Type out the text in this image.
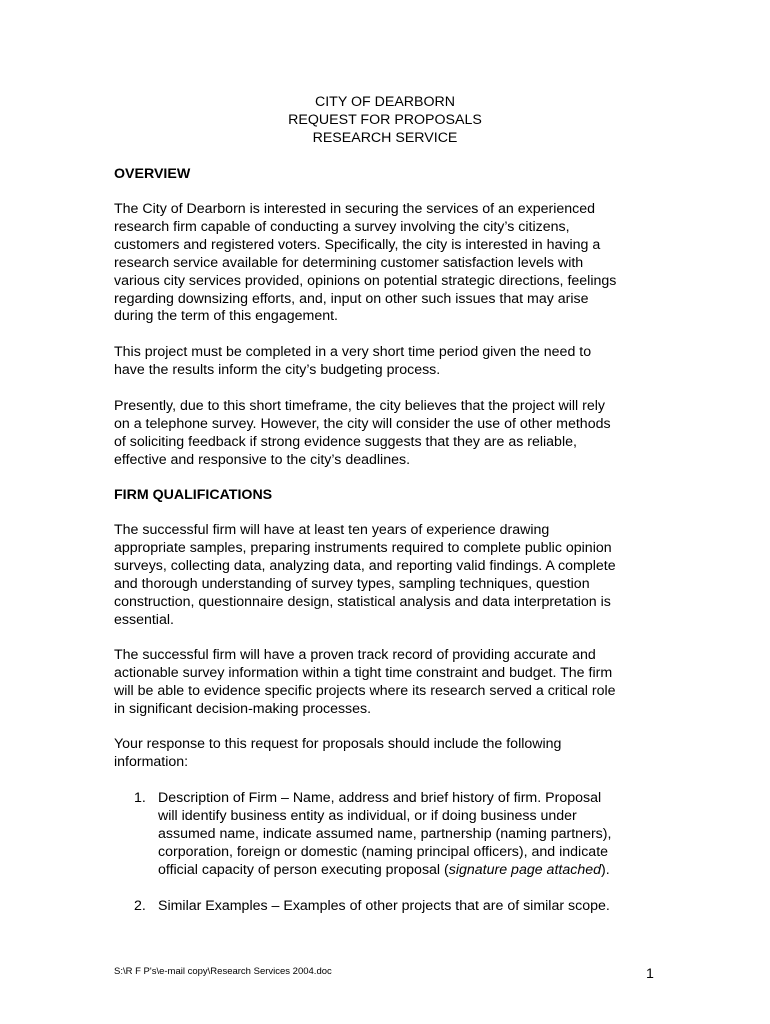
CITY OF DEARBORN
REQUEST FOR PROPOSALS
RESEARCH SERVICE
OVERVIEW
The City of Dearborn is interested in securing the services of an experienced
research firm capable of conducting a survey involving the city’s citizens,
customers and registered voters. Specifically, the city is interested in having a
research service available for determining customer satisfaction levels with
various city services provided, opinions on potential strategic directions, feelings
regarding downsizing efforts, and, input on other such issues that may arise
during the term of this engagement.
This project must be completed in a very short time period given the need to
have the results inform the city’s budgeting process.
Presently, due to this short timeframe, the city believes that the project will rely
on a telephone survey. However, the city will consider the use of other methods
of soliciting feedback if strong evidence suggests that they are as reliable,
effective and responsive to the city’s deadlines.
FIRM QUALIFICATIONS
The successful firm will have at least ten years of experience drawing
appropriate samples, preparing instruments required to complete public opinion
surveys, collecting data, analyzing data, and reporting valid findings. A complete
and thorough understanding of survey types, sampling techniques, question
construction, questionnaire design, statistical analysis and data interpretation is
essential.
The successful firm will have a proven track record of providing accurate and
actionable survey information within a tight time constraint and budget. The firm
will be able to evidence specific projects where its research served a critical role
in significant decision-making processes.
Your response to this request for proposals should include the following
information:
1. Description of Firm – Name, address and brief history of firm. Proposal
will identify business entity as individual, or if doing business under
assumed name, indicate assumed name, partnership (naming partners),
corporation, foreign or domestic (naming principal officers), and indicate
official capacity of person executing proposal (signature page attached).
2. Similar Examples – Examples of other projects that are of similar scope.
S:\R F P's\e-mail copy\Research Services 2004.doc	1
